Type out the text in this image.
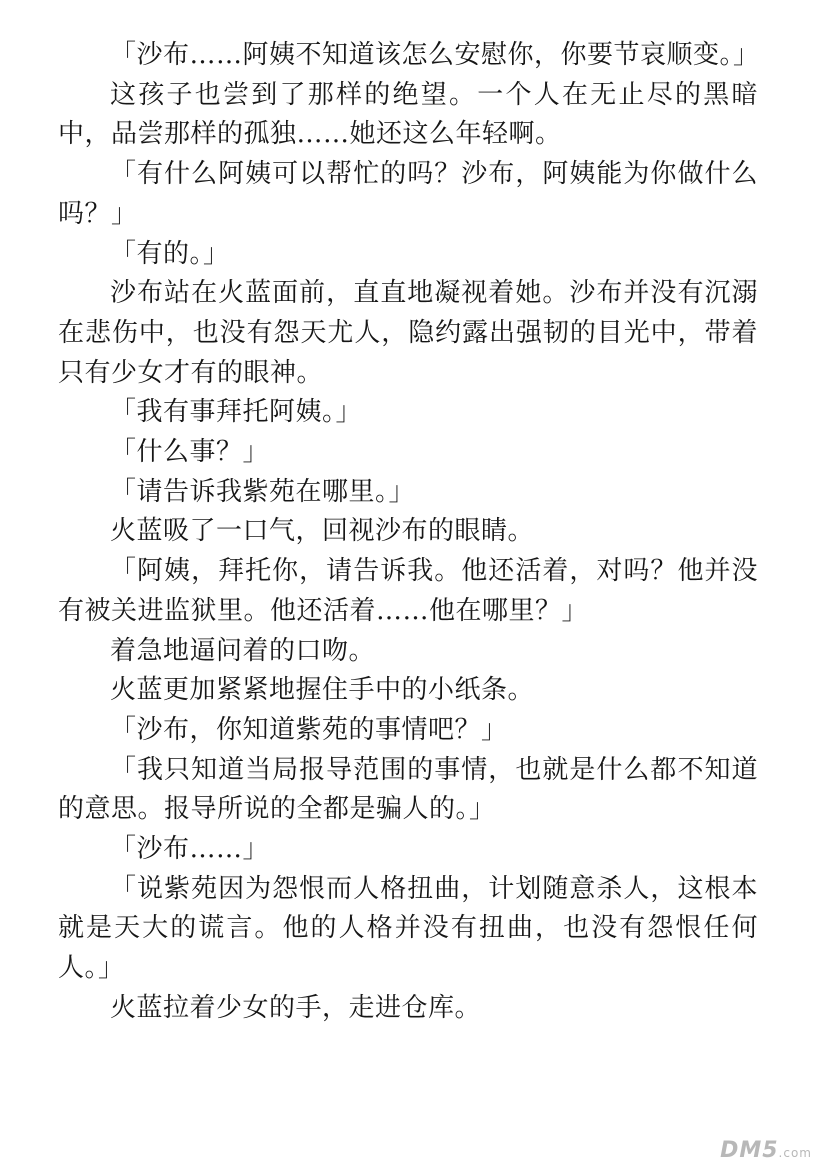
「沙布……阿姨不知道该怎么安慰你，你要节哀顺变。」

这孩子也尝到了那样的绝望。一个人在无止尽的黑暗中，品尝那样的孤独……她还这么年轻啊。

「有什么阿姨可以帮忙的吗？沙布，阿姨能为你做什么吗？」

「有的。」

沙布站在火蓝面前，直直地凝视着她。沙布并没有沉溺在悲伤中，也没有怨天尤人，隐约露出强韧的目光中，带着只有少女才有的眼神。

「我有事拜托阿姨。」

「什么事？」

「请告诉我紫苑在哪里。」

火蓝吸了一口气，回视沙布的眼睛。

「阿姨，拜托你，请告诉我。他还活着，对吗？他并没有被关进监狱里。他还活着……他在哪里？」

着急地逼问着的口吻。

火蓝更加紧紧地握住手中的小纸条。

「沙布，你知道紫苑的事情吧？」

「我只知道当局报导范围的事情，也就是什么都不知道的意思。报导所说的全都是骗人的。」

「沙布……」

「说紫苑因为怨恨而人格扭曲，计划随意杀人，这根本就是天大的谎言。他的人格并没有扭曲，也没有怨恨任何人。」

火蓝拉着少女的手，走进仓库。

DM5.com
